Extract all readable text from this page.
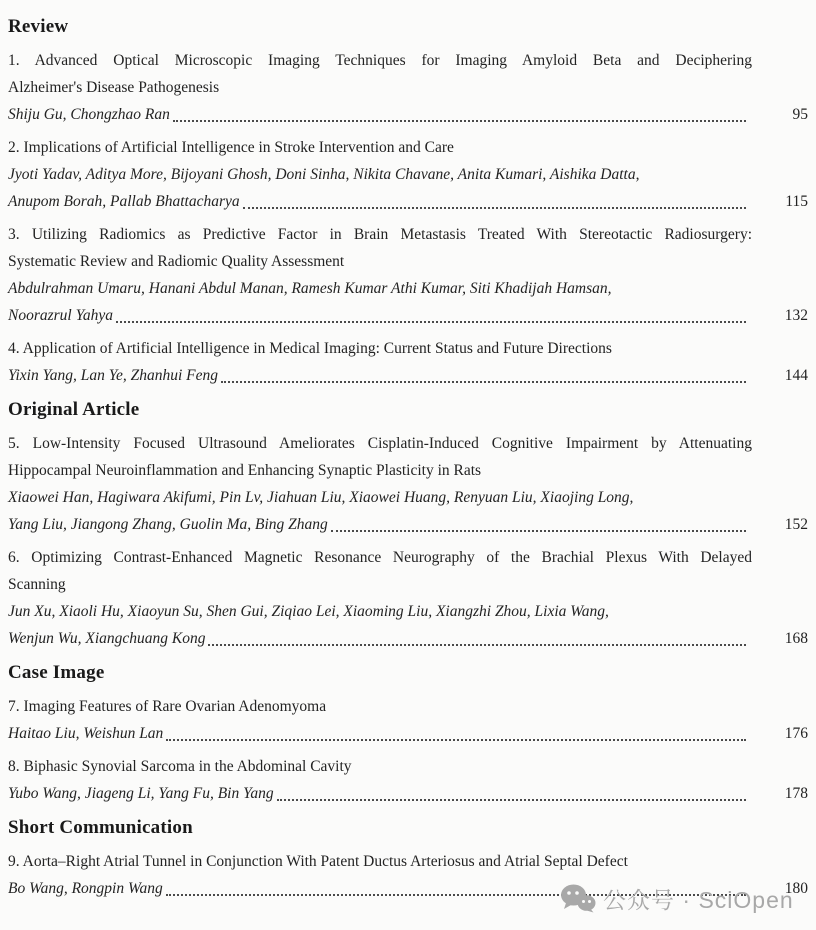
Review
1. Advanced Optical Microscopic Imaging Techniques for Imaging Amyloid Beta and Deciphering
Alzheimer's Disease Pathogenesis
Shiju Gu, Chongzhao Ran	95
2. Implications of Artificial Intelligence in Stroke Intervention and Care
Jyoti Yadav, Aditya More, Bijoyani Ghosh, Doni Sinha, Nikita Chavane, Anita Kumari, Aishika Datta,
Anupom Borah, Pallab Bhattacharya	115
3. Utilizing Radiomics as Predictive Factor in Brain Metastasis Treated With Stereotactic Radiosurgery:
Systematic Review and Radiomic Quality Assessment
Abdulrahman Umaru, Hanani Abdul Manan, Ramesh Kumar Athi Kumar, Siti Khadijah Hamsan,
Noorazrul Yahya	132
4. Application of Artificial Intelligence in Medical Imaging: Current Status and Future Directions
Yixin Yang, Lan Ye, Zhanhui Feng	144
Original Article
5. Low-Intensity Focused Ultrasound Ameliorates Cisplatin-Induced Cognitive Impairment by Attenuating
Hippocampal Neuroinflammation and Enhancing Synaptic Plasticity in Rats
Xiaowei Han, Hagiwara Akifumi, Pin Lv, Jiahuan Liu, Xiaowei Huang, Renyuan Liu, Xiaojing Long,
Yang Liu, Jiangong Zhang, Guolin Ma, Bing Zhang	152
6. Optimizing Contrast-Enhanced Magnetic Resonance Neurography of the Brachial Plexus With Delayed
Scanning
Jun Xu, Xiaoli Hu, Xiaoyun Su, Shen Gui, Ziqiao Lei, Xiaoming Liu, Xiangzhi Zhou, Lixia Wang,
Wenjun Wu, Xiangchuang Kong	168
Case Image
7. Imaging Features of Rare Ovarian Adenomyoma
Haitao Liu, Weishun Lan	176
8. Biphasic Synovial Sarcoma in the Abdominal Cavity
Yubo Wang, Jiageng Li, Yang Fu, Bin Yang	178
Short Communication
9. Aorta–Right Atrial Tunnel in Conjunction With Patent Ductus Arteriosus and Atrial Septal Defect
Bo Wang, Rongpin Wang	180
公众号 · SciOpen
